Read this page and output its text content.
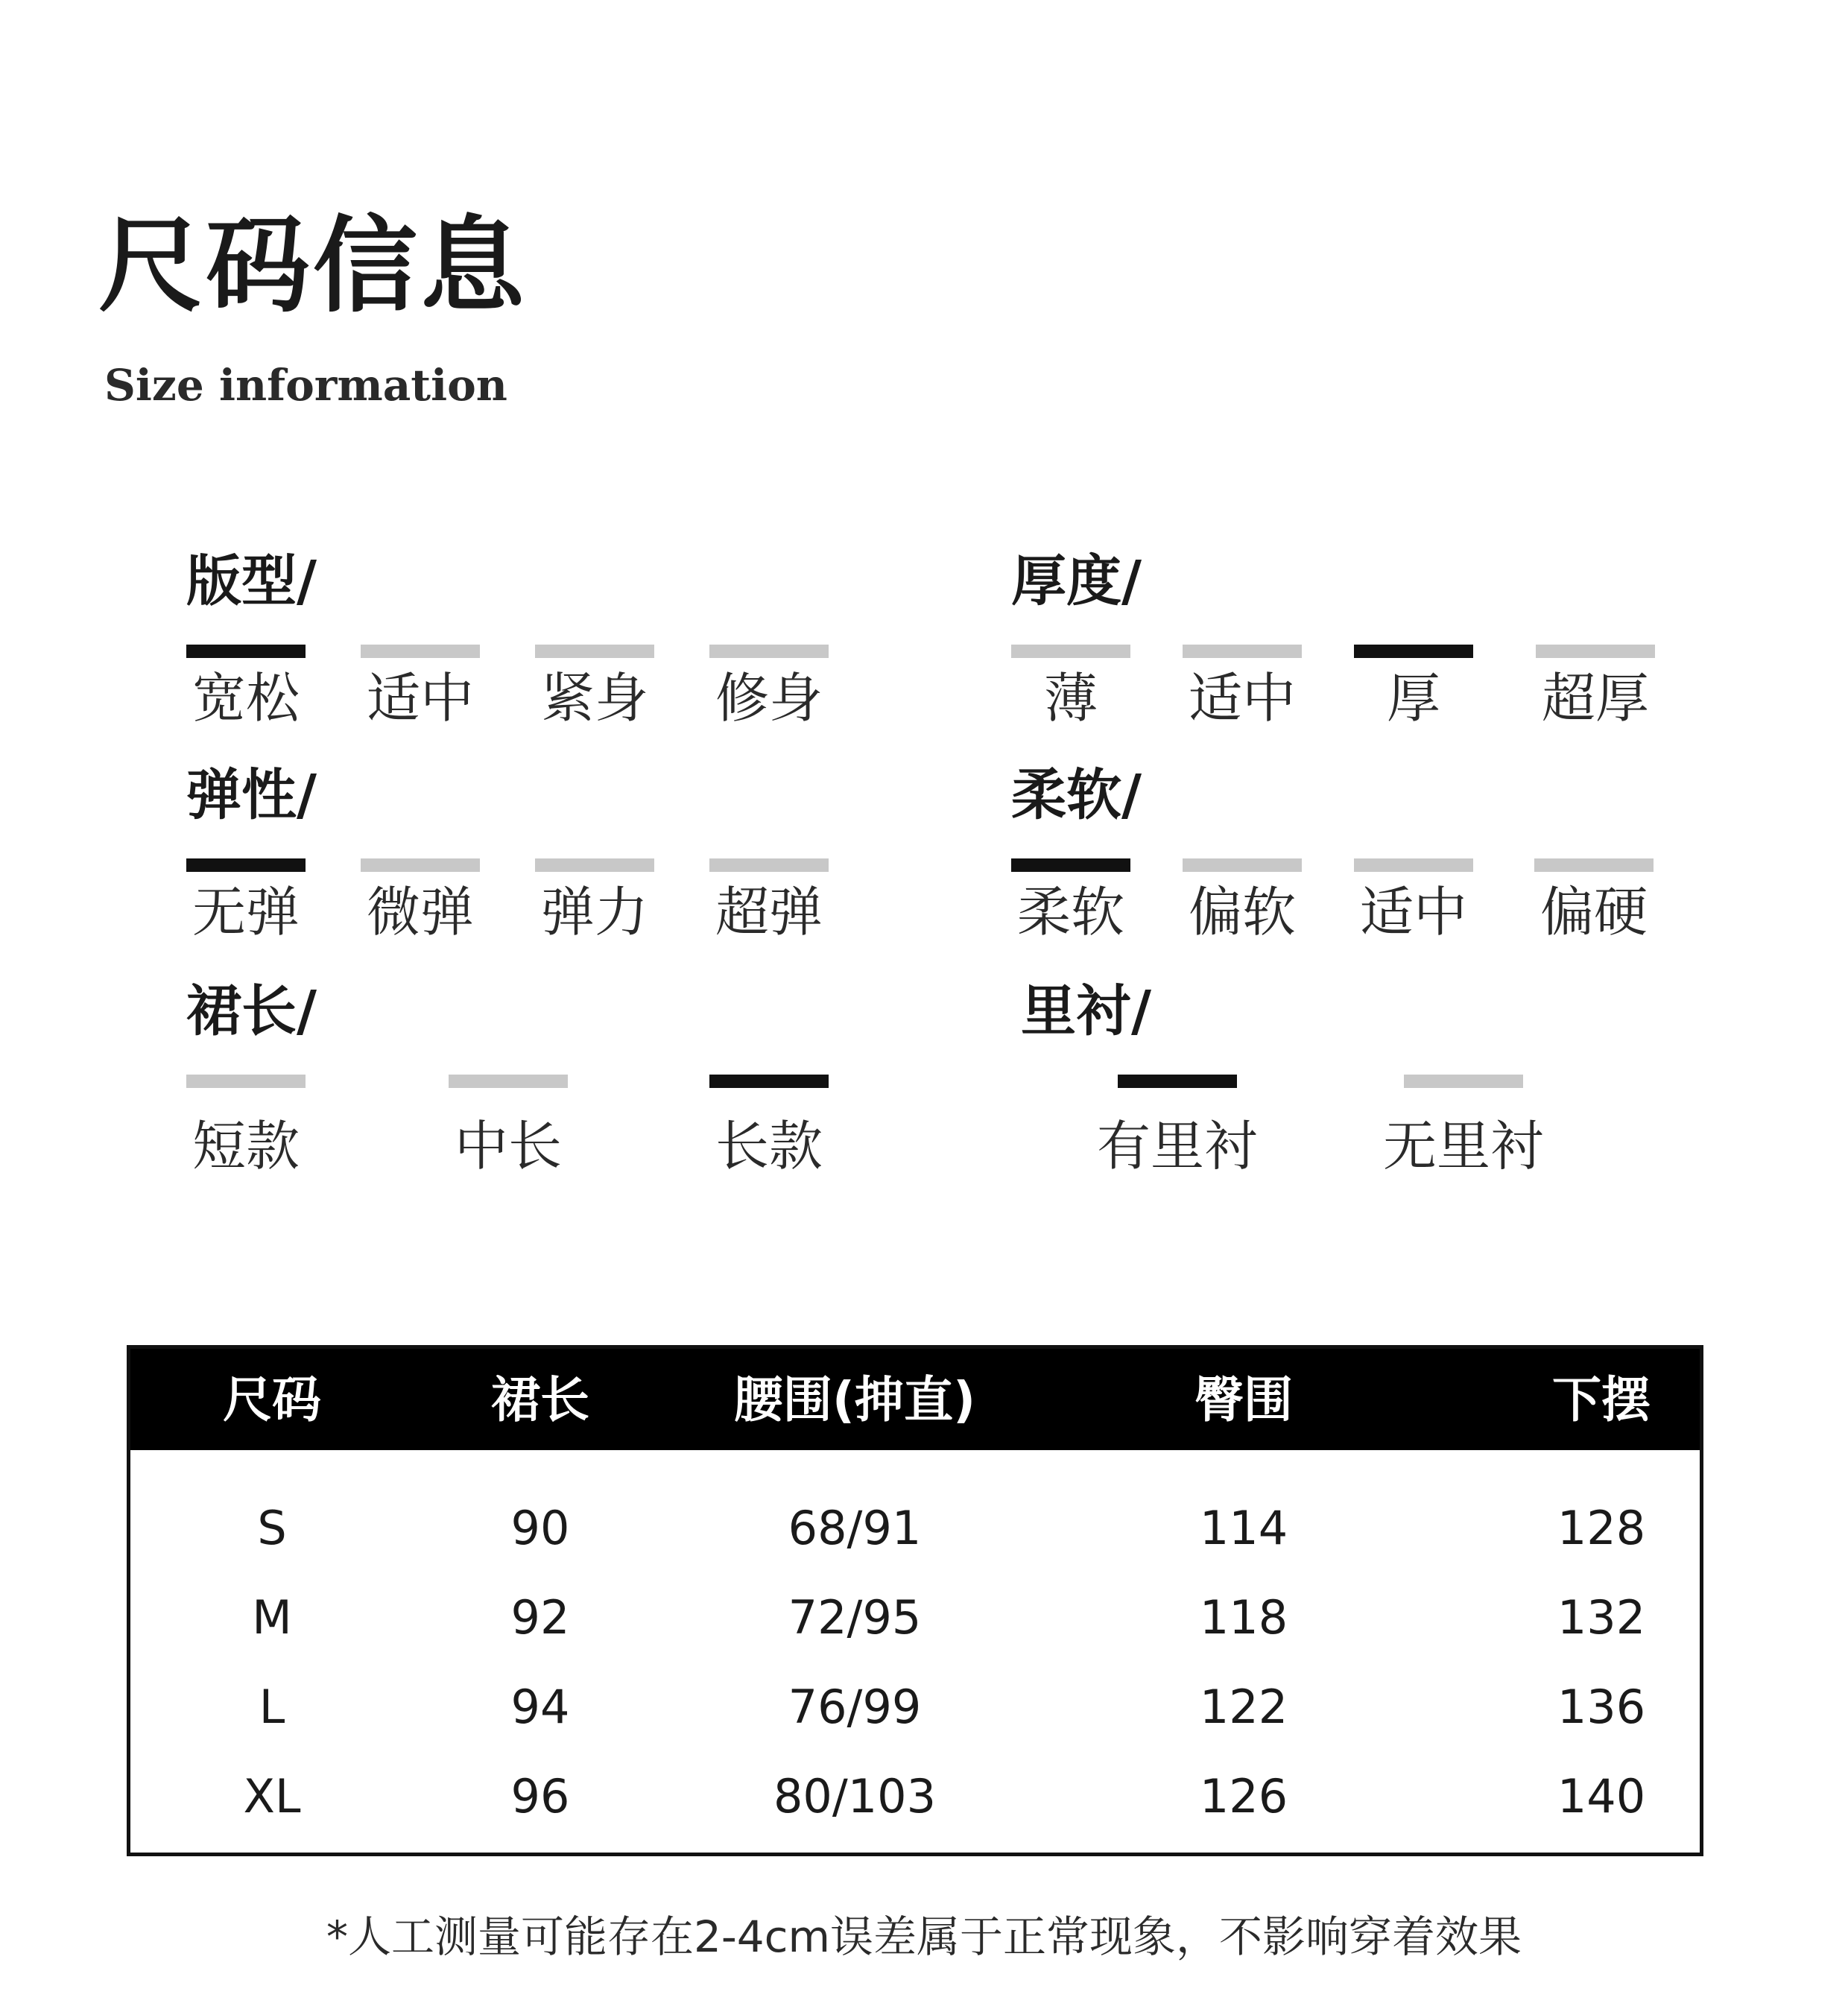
尺码信息
Size information
版型/
宽松	适中	紧身	修身
厚度/
薄	适中	厚	超厚
弹性/
无弹	微弹	弹力	超弹
柔软/
柔软	偏软	适中	偏硬
裙长/
短款	中长	长款
里衬/
有里衬	无里衬
尺码	裙长	腰围(抻直)	臀围	下摆
S	90	68/91	114	128
M	92	72/95	118	132
L	94	76/99	122	136
XL	96	80/103	126	140
*人工测量可能存在2-4cm误差属于正常现象，不影响穿着效果
